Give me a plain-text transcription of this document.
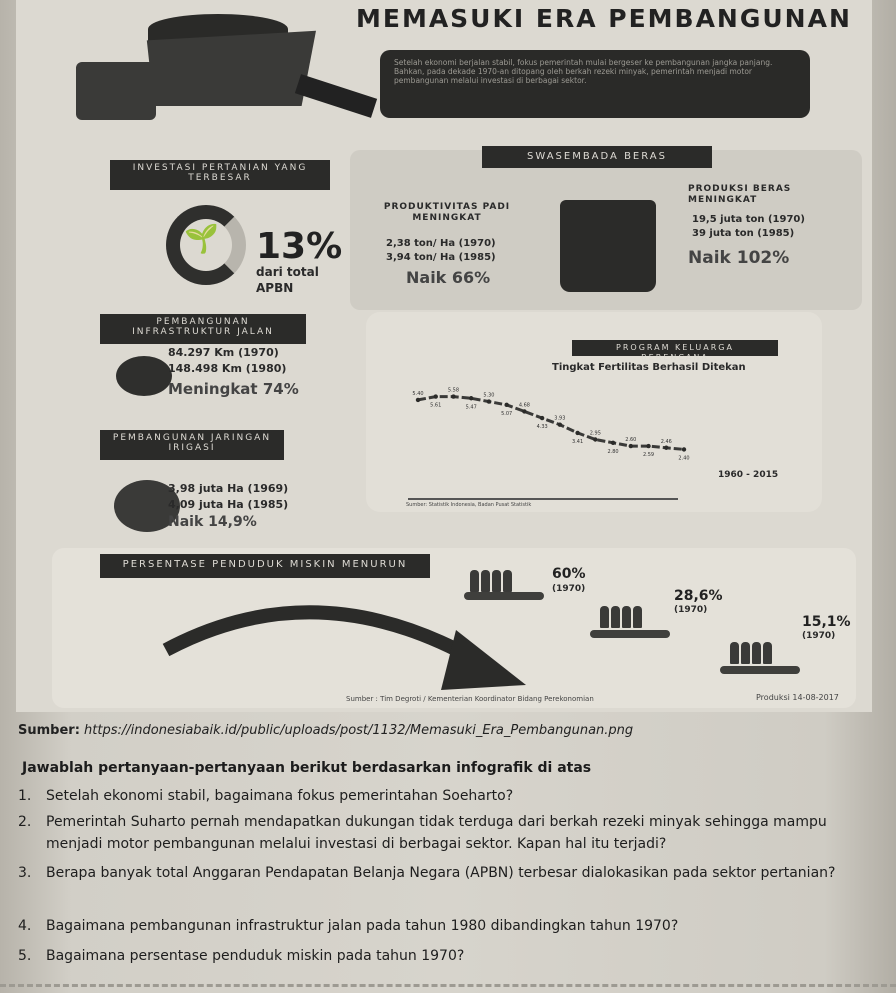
MEMASUKI ERA PEMBANGUNAN
Setelah ekonomi berjalan stabil, fokus pemerintah mulai bergeser ke pembangunan jangka panjang. Bahkan, pada dekade 1970-an ditopang oleh berkah rezeki minyak, pemerintah menjadi motor pembangunan melalui investasi di berbagai sektor.
INVESTASI PERTANIAN YANG TERBESAR
🌱 13%
dari total
APBN
SWASEMBADA BERAS
PRODUKTIVITAS PADI MENINGKAT
2,38 ton/ Ha (1970)
3,94 ton/ Ha (1985)
Naik 66%
PRODUKSI BERAS MENINGKAT
19,5 juta ton (1970)
39 juta ton (1985)
Naik 102%
PEMBANGUNAN INFRASTRUKTUR JALAN
84.297 Km (1970)
148.498 Km (1980)
Meningkat 74%
PROGRAM KELUARGA BERENCANA
Tingkat Fertilitas Berhasil Ditekan
5.40
5.61
5.58
5.47
5.30
5.07
4.68
4.33
3.93
3.41
2.95
2.80
2.60
2.59
2.46
2.40
1960 - 2015
Sumber: Statistik Indonesia, Badan Pusat Statistik
PEMBANGUNAN JARINGAN IRIGASI
3,98 juta Ha (1969)
4,09 juta Ha (1985)
Naik 14,9%
PERSENTASE PENDUDUK MISKIN MENURUN
60%
(1970)	28,6%
(1970)
15,1%
(1970)
Sumber : Tim Degroti / Kementerian Koordinator Bidang Perekonomian	Produksi 14-08-2017
Sumber: https://indonesiabaik.id/public/uploads/post/1132/Memasuki_Era_Pembangunan.png
Jawablah pertanyaan-pertanyaan berikut berdasarkan infografik di atas
1.	Setelah ekonomi stabil, bagaimana fokus pemerintahan Soeharto?
2.	Pemerintah Suharto pernah mendapatkan dukungan tidak terduga dari berkah rezeki minyak sehingga mampu menjadi motor pembangunan melalui investasi di berbagai sektor. Kapan hal itu terjadi?
3.	Berapa banyak total Anggaran Pendapatan Belanja Negara (APBN) terbesar dialokasikan pada sektor pertanian?
4.	Bagaimana pembangunan infrastruktur jalan pada tahun 1980 dibandingkan tahun 1970?
5.	Bagaimana persentase penduduk miskin pada tahun 1970?
